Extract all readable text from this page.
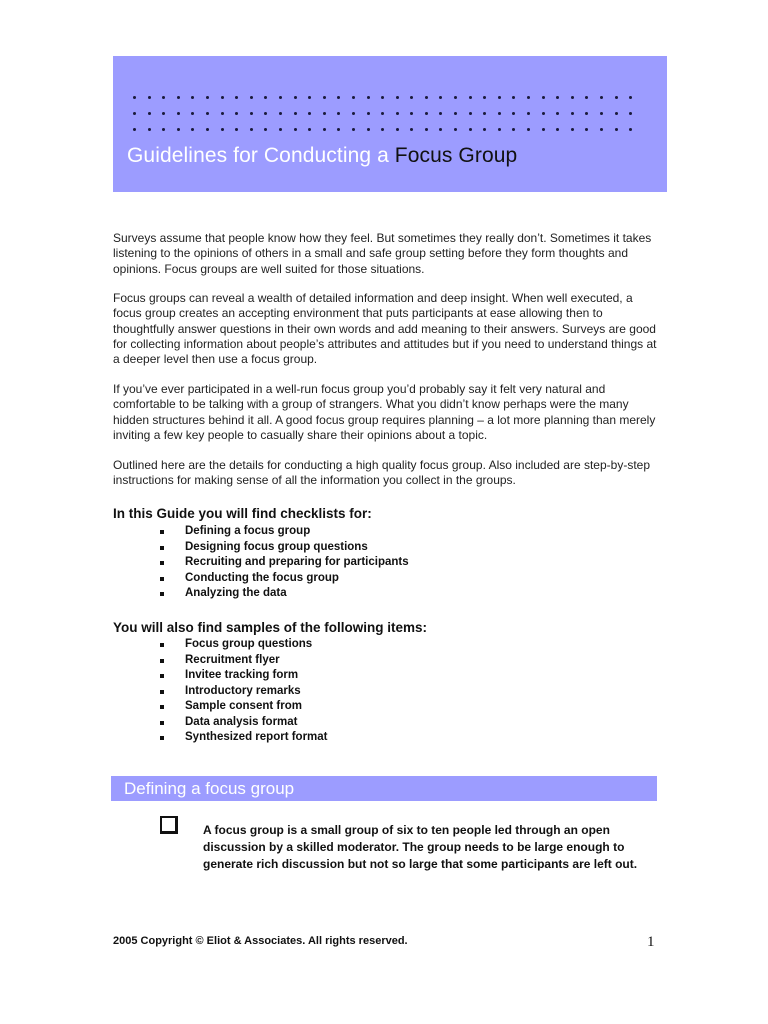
Guidelines for Conducting a Focus Group

Surveys assume that people know how they feel. But sometimes they really don’t. Sometimes it takes listening to the opinions of others in a small and safe group setting before they form thoughts and opinions. Focus groups are well suited for those situations.

Focus groups can reveal a wealth of detailed information and deep insight. When well executed, a focus group creates an accepting environment that puts participants at ease allowing then to thoughtfully answer questions in their own words and add meaning to their answers. Surveys are good for collecting information about people’s attributes and attitudes but if you need to understand things at a deeper level then use a focus group.

If you’ve ever participated in a well-run focus group you’d probably say it felt very natural and comfortable to be talking with a group of strangers. What you didn’t know perhaps were the many hidden structures behind it all. A good focus group requires planning – a lot more planning than merely inviting a few key people to casually share their opinions about a topic.

Outlined here are the details for conducting a high quality focus group. Also included are step-by-step instructions for making sense of all the information you collect in the groups.

In this Guide you will find checklists for:
Defining a focus group
Designing focus group questions
Recruiting and preparing for participants
Conducting the focus group
Analyzing the data
You will also find samples of the following items:
Focus group questions
Recruitment flyer
Invitee tracking form
Introductory remarks
Sample consent from
Data analysis format
Synthesized report format
Defining a focus group

A focus group is a small group of six to ten people led through an open discussion by a skilled moderator. The group needs to be large enough to generate rich discussion but not so large that some participants are left out.

2005 Copyright © Eliot & Associates. All rights reserved.	1
